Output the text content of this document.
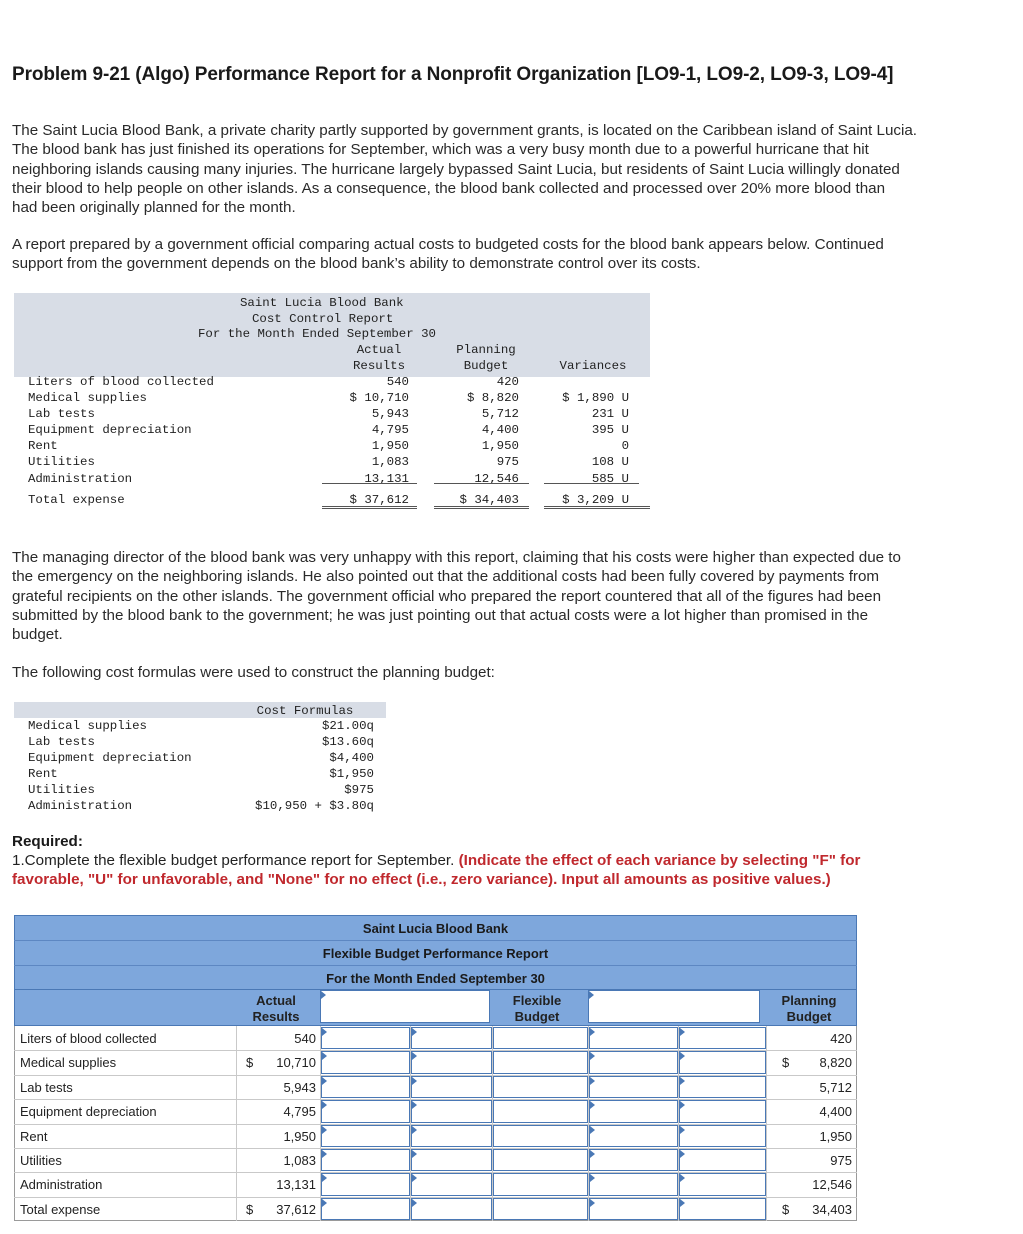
Problem 9-21 (Algo) Performance Report for a Nonprofit Organization [LO9-1, LO9-2, LO9-3, LO9-4]
The Saint Lucia Blood Bank, a private charity partly supported by government grants, is located on the Caribbean island of Saint Lucia.
The blood bank has just finished its operations for September, which was a very busy month due to a powerful hurricane that hit
neighboring islands causing many injuries. The hurricane largely bypassed Saint Lucia, but residents of Saint Lucia willingly donated
their blood to help people on other islands. As a consequence, the blood bank collected and processed over 20% more blood than
had been originally planned for the month.
A report prepared by a government official comparing actual costs to budgeted costs for the blood bank appears below. Continued
support from the government depends on the blood bank’s ability to demonstrate control over its costs.
Saint Lucia Blood Bank
Cost Control Report
For the Month Ended September 30
Actual
Results
Planning
Budget	Variances
Liters of blood collected	540	420
Medical supplies	$ 10,710	$ 8,820	$ 1,890 U
Lab tests	5,943	5,712	231 U
Equipment depreciation	4,795	4,400	395 U
Rent	1,950	1,950	0
Utilities	1,083	975	108 U
Administration	13,131	12,546	585 U
Total expense	$ 37,612	$ 34,403	$ 3,209 U
The managing director of the blood bank was very unhappy with this report, claiming that his costs were higher than expected due to
the emergency on the neighboring islands. He also pointed out that the additional costs had been fully covered by payments from
grateful recipients on the other islands. The government official who prepared the report countered that all of the figures had been
submitted by the blood bank to the government; he was just pointing out that actual costs were a lot higher than promised in the
budget.
The following cost formulas were used to construct the planning budget:
Cost Formulas
Medical supplies	$21.00q
Lab tests	$13.60q
Equipment depreciation	$4,400
Rent	$1,950
Utilities	$975
Administration	$10,950 + $3.80q
Required:
1.Complete the flexible budget performance report for September. (Indicate the effect of each variance by selecting "F" for
favorable, "U" for unfavorable, and "None" for no effect (i.e., zero variance). Input all amounts as positive values.)
Saint Lucia Blood Bank
Flexible Budget Performance Report
For the Month Ended September 30
Actual
Results
Flexible
Budget
Planning
Budget
Liters of blood collected	540	420
Medical supplies	$	10,710	$	8,820
Lab tests	5,943	5,712
Equipment depreciation	4,795	4,400
Rent	1,950	1,950
Utilities	1,083	975
Administration	13,131	12,546
Total expense	$	37,612	$	34,403
